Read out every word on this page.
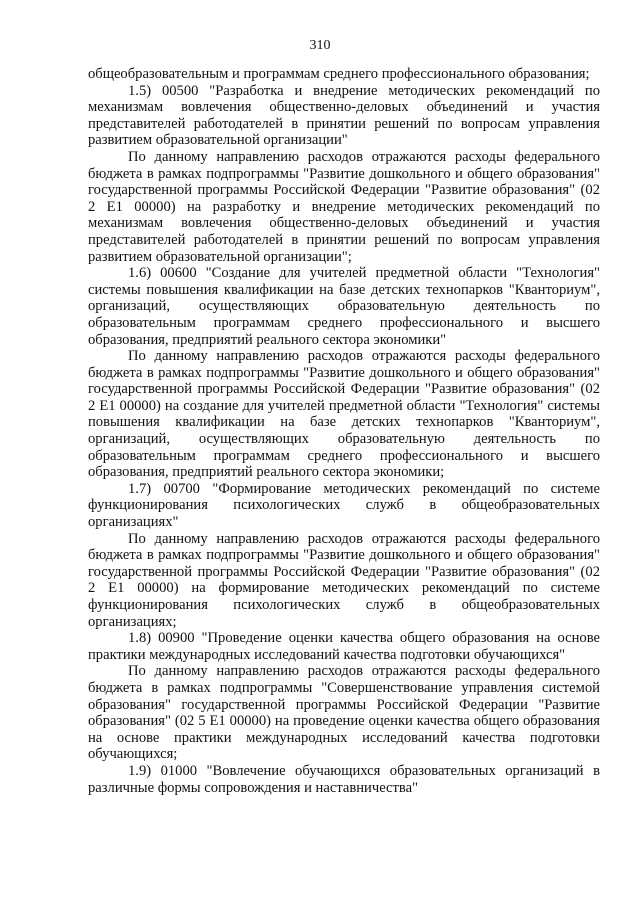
310

общеобразовательным и программам среднего профессионального образования;

1.5) 00500 "Разработка и внедрение методических рекомендаций по механизмам вовлечения общественно-деловых объединений и участия представителей работодателей в принятии решений по вопросам управления развитием образовательной организации"

По данному направлению расходов отражаются расходы федерального бюджета в рамках подпрограммы "Развитие дошкольного и общего образования" государственной программы Российской Федерации "Развитие образования" (02 2 E1 00000) на разработку и внедрение методических рекомендаций по механизмам вовлечения общественно-деловых объединений и участия представителей работодателей в принятии решений по вопросам управления развитием образовательной организации";

1.6) 00600 "Создание для учителей предметной области "Технология" системы повышения квалификации на базе детских технопарков "Кванториум", организаций, осуществляющих образовательную деятельность по образовательным программам среднего профессионального и высшего образования, предприятий реального сектора экономики"

По данному направлению расходов отражаются расходы федерального бюджета в рамках подпрограммы "Развитие дошкольного и общего образования" государственной программы Российской Федерации "Развитие образования" (02 2 E1 00000) на создание для учителей предметной области "Технология" системы повышения квалификации на базе детских технопарков "Кванториум", организаций, осуществляющих образовательную деятельность по образовательным программам среднего профессионального и высшего образования, предприятий реального сектора экономики;

1.7) 00700 "Формирование методических рекомендаций по системе функционирования психологических служб в общеобразовательных организациях"

По данному направлению расходов отражаются расходы федерального бюджета в рамках подпрограммы "Развитие дошкольного и общего образования" государственной программы Российской Федерации "Развитие образования" (02 2 E1 00000) на формирование методических рекомендаций по системе функционирования психологических служб в общеобразовательных организациях;

1.8) 00900 "Проведение оценки качества общего образования на основе практики международных исследований качества подготовки обучающихся"

По данному направлению расходов отражаются расходы федерального бюджета в рамках подпрограммы "Совершенствование управления системой образования" государственной программы Российской Федерации "Развитие образования" (02 5 E1 00000) на проведение оценки качества общего образования на основе практики международных исследований качества подготовки обучающихся;

1.9) 01000 "Вовлечение обучающихся образовательных организаций в различные формы сопровождения и наставничества"
